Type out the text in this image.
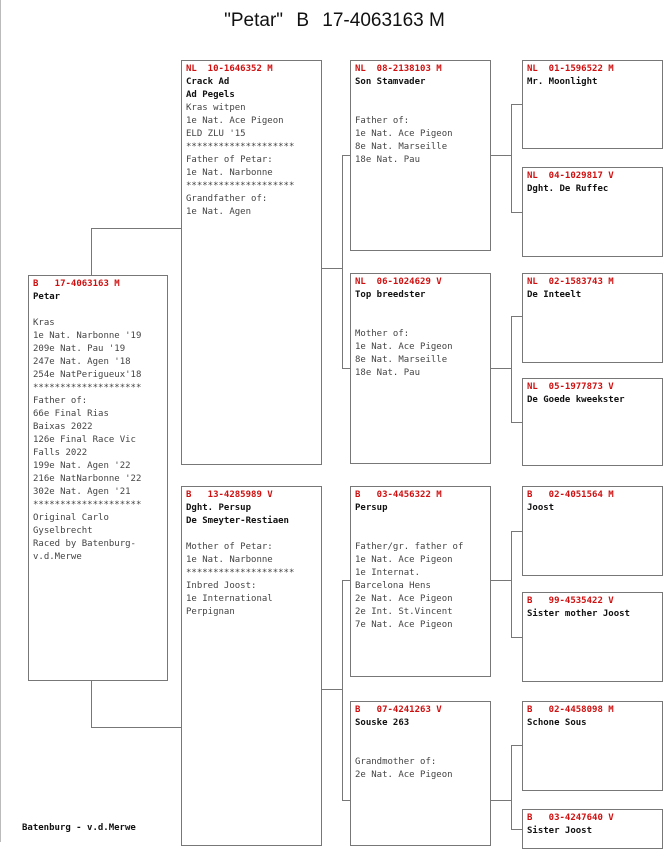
"Petar" B 17-4063163 M
B   17-4063163 M
Petar
Kras
1e Nat. Narbonne '19
209e Nat. Pau '19
247e Nat. Agen '18
254e NatPerigueux'18
********************
Father of:
66e Final Rias
Baixas 2022
126e Final Race Vic
Falls 2022
199e Nat. Agen '22
216e NatNarbonne '22
302e Nat. Agen '21
********************
Original Carlo
Gyselbrecht
Raced by Batenburg-
v.d.Merwe
NL  10-1646352 M
Crack Ad
Ad Pegels
Kras witpen
1e Nat. Ace Pigeon
ELD ZLU '15
********************
Father of Petar:
1e Nat. Narbonne
********************
Grandfather of:
1e Nat. Agen
B   13-4285989 V
Dght. Persup
De Smeyter-Restiaen
Mother of Petar:
1e Nat. Narbonne
********************
Inbred Joost:
1e International
Perpignan
NL  08-2138103 M
Son Stamvader
Father of:
1e Nat. Ace Pigeon
8e Nat. Marseille
18e Nat. Pau
NL  06-1024629 V
Top breedster
Mother of:
1e Nat. Ace Pigeon
8e Nat. Marseille
18e Nat. Pau
B   03-4456322 M
Persup
Father/gr. father of
1e Nat. Ace Pigeon
1e Internat.
Barcelona Hens
2e Nat. Ace Pigeon
2e Int. St.Vincent
7e Nat. Ace Pigeon
B   07-4241263 V
Souske 263
Grandmother of:
2e Nat. Ace Pigeon
NL  01-1596522 M
Mr. Moonlight
NL  04-1029817 V
Dght. De Ruffec
NL  02-1583743 M
De Inteelt
NL  05-1977873 V
De Goede kweekster
B   02-4051564 M
Joost
B   99-4535422 V
Sister mother Joost
B   02-4458098 M
Schone Sous
B   03-4247640 V
Sister Joost
Batenburg - v.d.Merwe
